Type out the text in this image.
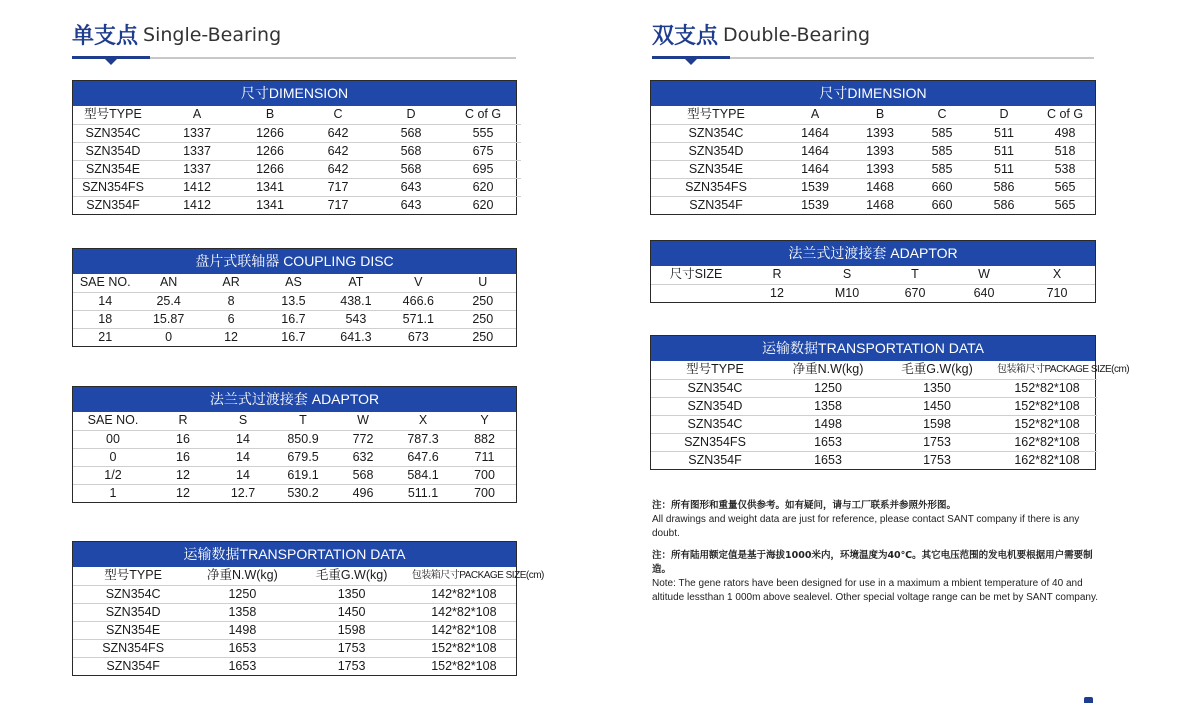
单支点 Single-Bearing	双支点 Double-Bearing
尺寸DIMENSION
型号TYPE	A	B	C	D	C of G
SZN354C	1337	1266	642	568	555
SZN354D	1337	1266	642	568	675
SZN354E	1337	1266	642	568	695
SZN354FS	1412	1341	717	643	620
SZN354F	1412	1341	717	643	620
盘片式联轴器 COUPLING DISC
SAE NO.	AN	AR	AS	AT	V	U
14	25.4	8	13.5	438.1	466.6	250
18	15.87	6	16.7	543	571.1	250
21	0	12	16.7	641.3	673	250
法兰式过渡接套 ADAPTOR
SAE NO.	R	S	T	W	X	Y
00	16	14	850.9	772	787.3	882
0	16	14	679.5	632	647.6	711
1/2	12	14	619.1	568	584.1	700
1	12	12.7	530.2	496	511.1	700
运输数据TRANSPORTATION DATA
型号TYPE	净重N.W(kg)	毛重G.W(kg)	包装箱尺寸PACKAGE SIZE(cm)
SZN354C	1250	1350	142*82*108
SZN354D	1358	1450	142*82*108
SZN354E	1498	1598	142*82*108
SZN354FS	1653	1753	152*82*108
SZN354F	1653	1753	152*82*108
尺寸DIMENSION
型号TYPE	A	B	C	D	C of G
SZN354C	1464	1393	585	511	498
SZN354D	1464	1393	585	511	518
SZN354E	1464	1393	585	511	538
SZN354FS	1539	1468	660	586	565
SZN354F	1539	1468	660	586	565
法兰式过渡接套 ADAPTOR
尺寸SIZE	R	S	T	W	X
	12	M10	670	640	710
运输数据TRANSPORTATION DATA
型号TYPE	净重N.W(kg)	毛重G.W(kg)	包装箱尺寸PACKAGE SIZE(cm)
SZN354C	1250	1350	152*82*108
SZN354D	1358	1450	152*82*108
SZN354C	1498	1598	152*82*108
SZN354FS	1653	1753	162*82*108
SZN354F	1653	1753	162*82*108

注：所有图形和重量仅供参考。如有疑问，请与工厂联系并参照外形图。
All drawings and weight data are just for reference, please contact SANT company if there is any doubt.

注：所有陆用额定值是基于海拔1000米内，环境温度为40℃。其它电压范围的发电机要根据用户需要制造。
Note: The gene rators have been designed for use in a maximum a mbient temperature of 40 and altitude lessthan 1 000m above sealevel. Other special voltage range can be met by SANT company.
